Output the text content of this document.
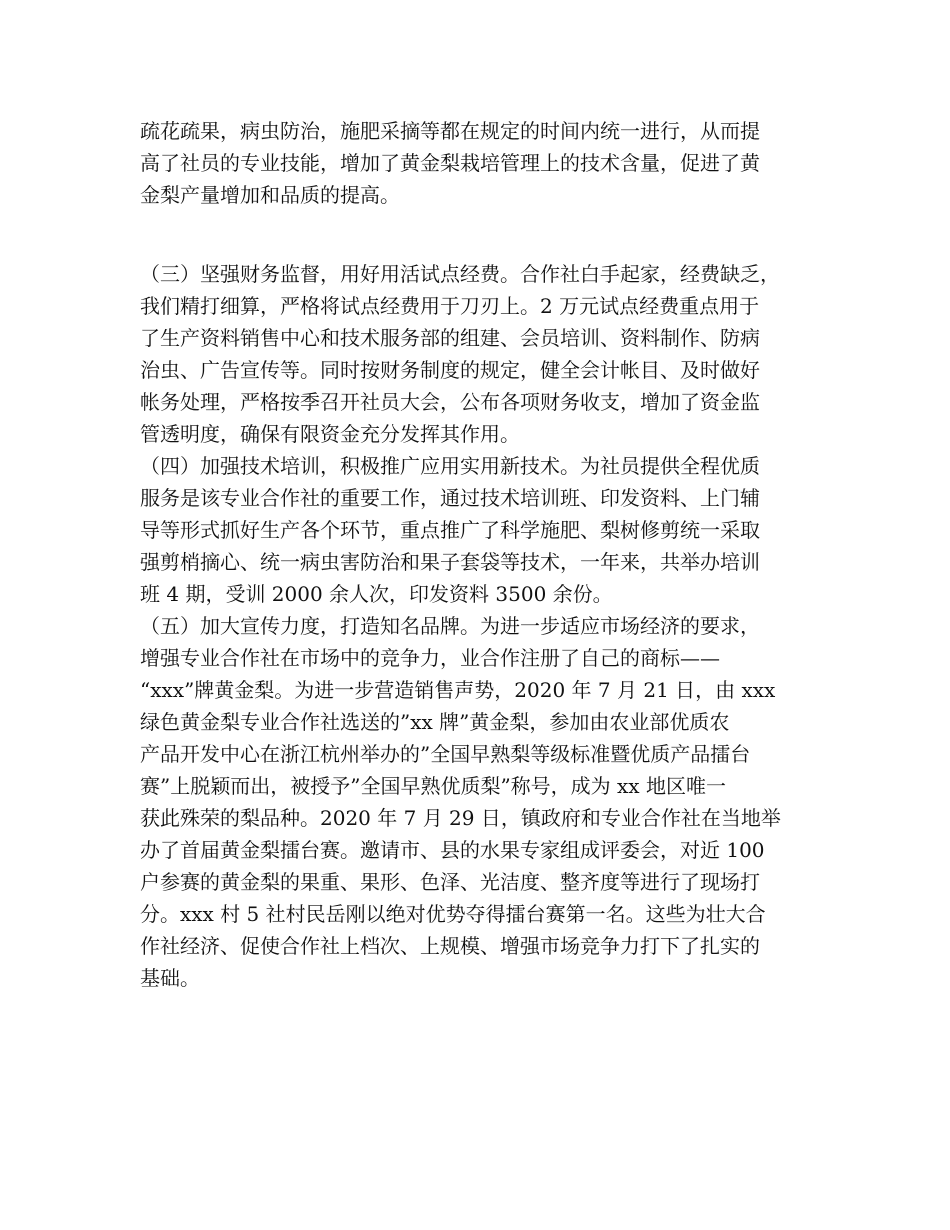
疏花疏果，病虫防治，施肥采摘等都在规定的时间内统一进行，从而提
高了社员的专业技能，增加了黄金梨栽培管理上的技术含量，促进了黄
金梨产量增加和品质的提高。
（三）坚强财务监督，用好用活试点经费。合作社白手起家，经费缺乏，
我们精打细算，严格将试点经费用于刀刃上。2 万元试点经费重点用于
了生产资料销售中心和技术服务部的组建、会员培训、资料制作、防病
治虫、广告宣传等。同时按财务制度的规定，健全会计帐目、及时做好
帐务处理，严格按季召开社员大会，公布各项财务收支，增加了资金监
管透明度，确保有限资金充分发挥其作用。
（四）加强技术培训，积极推广应用实用新技术。为社员提供全程优质
服务是该专业合作社的重要工作，通过技术培训班、印发资料、上门辅
导等形式抓好生产各个环节，重点推广了科学施肥、梨树修剪统一采取
强剪梢摘心、统一病虫害防治和果子套袋等技术，一年来，共举办培训
班 4 期，受训 2000 余人次，印发资料 3500 余份。
（五）加大宣传力度，打造知名品牌。为进一步适应市场经济的要求，
增强专业合作社在市场中的竞争力，业合作注册了自己的商标——
“xxx”牌黄金梨。为进一步营造销售声势，2020 年 7 月 21 日，由 xxx
绿色黄金梨专业合作社选送的”xx 牌”黄金梨，参加由农业部优质农
产品开发中心在浙江杭州举办的”全国早熟梨等级标准暨优质产品擂台
赛”上脱颖而出，被授予”全国早熟优质梨”称号，成为 xx 地区唯一
获此殊荣的梨品种。2020 年 7 月 29 日，镇政府和专业合作社在当地举
办了首届黄金梨擂台赛。邀请市、县的水果专家组成评委会，对近 100
户参赛的黄金梨的果重、果形、色泽、光洁度、整齐度等进行了现场打
分。xxx 村 5 社村民岳刚以绝对优势夺得擂台赛第一名。这些为壮大合
作社经济、促使合作社上档次、上规模、增强市场竞争力打下了扎实的
基础。
